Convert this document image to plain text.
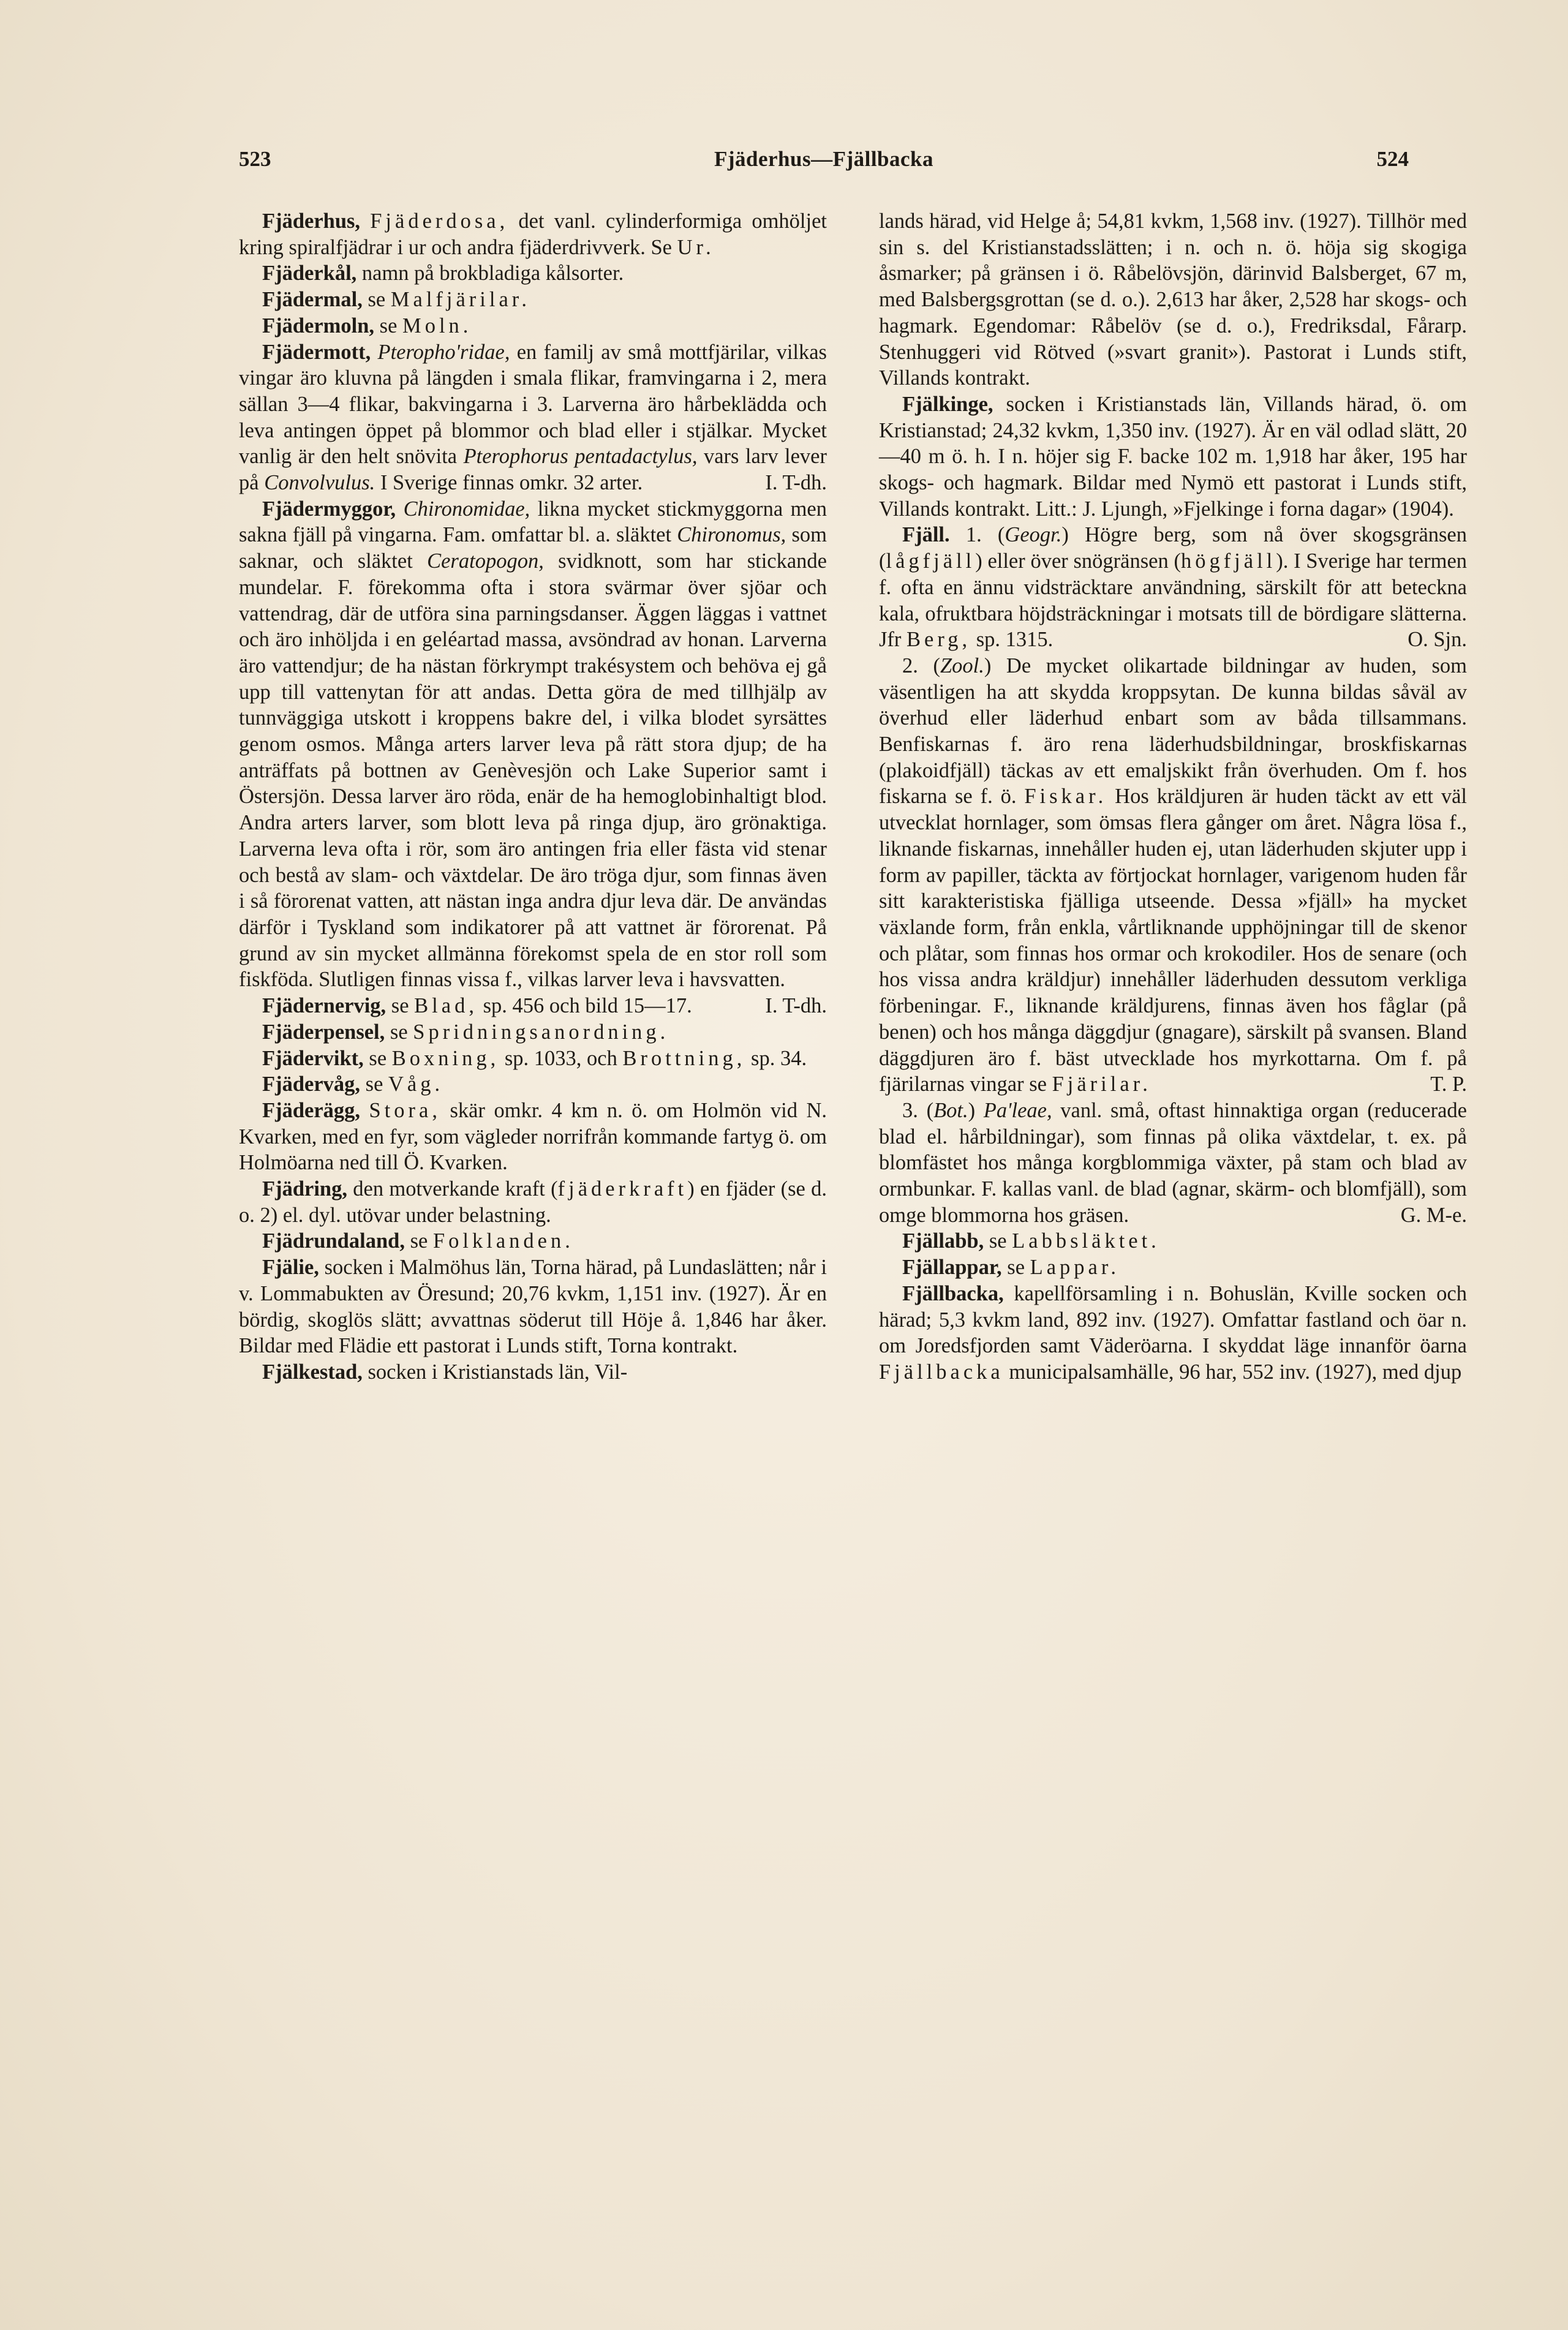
523	Fjäderhus—Fjällbacka	524

Fjäderhus, Fjäderdosa, det vanl. cylinderformiga omhöljet kring spiralfjädrar i ur och andra fjäderdrivverk. Se Ur.

Fjäderkål, namn på brokbladiga kålsorter.

Fjädermal, se Malfjärilar.

Fjädermoln, se Moln.

Fjädermott, Pteropho'ridae, en familj av små mottfjärilar, vilkas vingar äro kluvna på längden i smala flikar, framvingarna i 2, mera sällan 3—4 flikar, bakvingarna i 3. Larverna äro hårbeklädda och leva antingen öppet på blommor och blad eller i stjälkar. Mycket vanlig är den helt snövita Pterophorus pentadactylus, vars larv lever på Convolvulus. I Sverige finnas omkr. 32 arter.	I. T-dh.

Fjädermyggor, Chironomidae, likna mycket stickmyggorna men sakna fjäll på vingarna. Fam. omfattar bl. a. släktet Chironomus, som saknar, och släktet Ceratopogon, svidknott, som har stickande mundelar. F. förekomma ofta i stora svärmar över sjöar och vattendrag, där de utföra sina parningsdanser. Äggen läggas i vattnet och äro inhöljda i en geléartad massa, avsöndrad av honan. Larverna äro vattendjur; de ha nästan förkrympt trakésystem och behöva ej gå upp till vattenytan för att andas. Detta göra de med tillhjälp av tunnväggiga utskott i kroppens bakre del, i vilka blodet syrsättes genom osmos. Många arters larver leva på rätt stora djup; de ha anträffats på bottnen av Genèvesjön och Lake Superior samt i Östersjön. Dessa larver äro röda, enär de ha hemoglobinhaltigt blod. Andra arters larver, som blott leva på ringa djup, äro grönaktiga. Larverna leva ofta i rör, som äro antingen fria eller fästa vid stenar och bestå av slam- och växtdelar. De äro tröga djur, som finnas även i så förorenat vatten, att nästan inga andra djur leva där. De användas därför i Tyskland som indikatorer på att vattnet är förorenat. På grund av sin mycket allmänna förekomst spela de en stor roll som fiskföda. Slutligen finnas vissa f., vilkas larver leva i havsvatten.
I. T-dh.

Fjädernervig, se Blad, sp. 456 och bild 15—17.

Fjäderpensel, se Spridningsanordning.

Fjädervikt, se Boxning, sp. 1033, och Brottning, sp. 34.

Fjädervåg, se Våg.

Fjäderägg, Stora, skär omkr. 4 km n. ö. om Holmön vid N. Kvarken, med en fyr, som vägleder norrifrån kommande fartyg ö. om Holmöarna ned till Ö. Kvarken.

Fjädring, den motverkande kraft (fjäderkraft) en fjäder (se d. o. 2) el. dyl. utövar under belastning.

Fjädrundaland, se Folklanden.

Fjälie, socken i Malmöhus län, Torna härad, på Lundaslätten; når i v. Lommabukten av Öresund; 20,76 kvkm, 1,151 inv. (1927). Är en bördig, skoglös slätt; avvattnas söderut till Höje å. 1,846 har åker. Bildar med Flädie ett pastorat i Lunds stift, Torna kontrakt.

Fjälkestad, socken i Kristianstads län, Vil-

lands härad, vid Helge å; 54,81 kvkm, 1,568 inv. (1927). Tillhör med sin s. del Kristianstadsslätten; i n. och n. ö. höja sig skogiga åsmarker; på gränsen i ö. Råbelövsjön, därinvid Balsberget, 67 m, med Balsbergsgrottan (se d. o.). 2,613 har åker, 2,528 har skogs- och hagmark. Egendomar: Råbelöv (se d. o.), Fredriksdal, Fårarp. Stenhuggeri vid Rötved (»svart granit»). Pastorat i Lunds stift, Villands kontrakt.

Fjälkinge, socken i Kristianstads län, Villands härad, ö. om Kristianstad; 24,32 kvkm, 1,350 inv. (1927). Är en väl odlad slätt, 20—40 m ö. h. I n. höjer sig F. backe 102 m. 1,918 har åker, 195 har skogs- och hagmark. Bildar med Nymö ett pastorat i Lunds stift, Villands kontrakt. Litt.: J. Ljungh, »Fjelkinge i forna dagar» (1904).

Fjäll. 1. (Geogr.) Högre berg, som nå över skogsgränsen (lågfjäll) eller över snögränsen (högfjäll). I Sverige har termen f. ofta en ännu vidsträcktare användning, särskilt för att beteckna kala, ofruktbara höjdsträckningar i motsats till de bördigare slätterna. Jfr Berg, sp. 1315.	O. Sjn.

2. (Zool.) De mycket olikartade bildningar av huden, som väsentligen ha att skydda kroppsytan. De kunna bildas såväl av överhud eller läderhud enbart som av båda tillsammans. Benfiskarnas f. äro rena läderhudsbildningar, broskfiskarnas (plakoidfjäll) täckas av ett emaljskikt från överhuden. Om f. hos fiskarna se f. ö. Fiskar. Hos kräldjuren är huden täckt av ett väl utvecklat hornlager, som ömsas flera gånger om året. Några lösa f., liknande fiskarnas, innehåller huden ej, utan läderhuden skjuter upp i form av papiller, täckta av förtjockat hornlager, varigenom huden får sitt karakteristiska fjälliga utseende. Dessa »fjäll» ha mycket växlande form, från enkla, vårtliknande upphöjningar till de skenor och plåtar, som finnas hos ormar och krokodiler. Hos de senare (och hos vissa andra kräldjur) innehåller läderhuden dessutom verkliga förbeningar. F., liknande kräldjurens, finnas även hos fåglar (på benen) och hos många däggdjur (gnagare), särskilt på svansen. Bland däggdjuren äro f. bäst utvecklade hos myrkottarna. Om f. på fjärilarnas vingar se Fjärilar.	T. P.

3. (Bot.) Pa'leae, vanl. små, oftast hinnaktiga organ (reducerade blad el. hårbildningar), som finnas på olika växtdelar, t. ex. på blomfästet hos många korgblommiga växter, på stam och blad av ormbunkar. F. kallas vanl. de blad (agnar, skärm- och blomfjäll), som omge blommorna hos gräsen.	G. M-e.

Fjällabb, se Labbsläktet.

Fjällappar, se Lappar.

Fjällbacka, kapellförsamling i n. Bohuslän, Kville socken och härad; 5,3 kvkm land, 892 inv. (1927). Omfattar fastland och öar n. om Joredsfjorden samt Väderöarna. I skyddat läge innanför öarna Fjällbacka municipalsamhälle, 96 har, 552 inv. (1927), med djup
